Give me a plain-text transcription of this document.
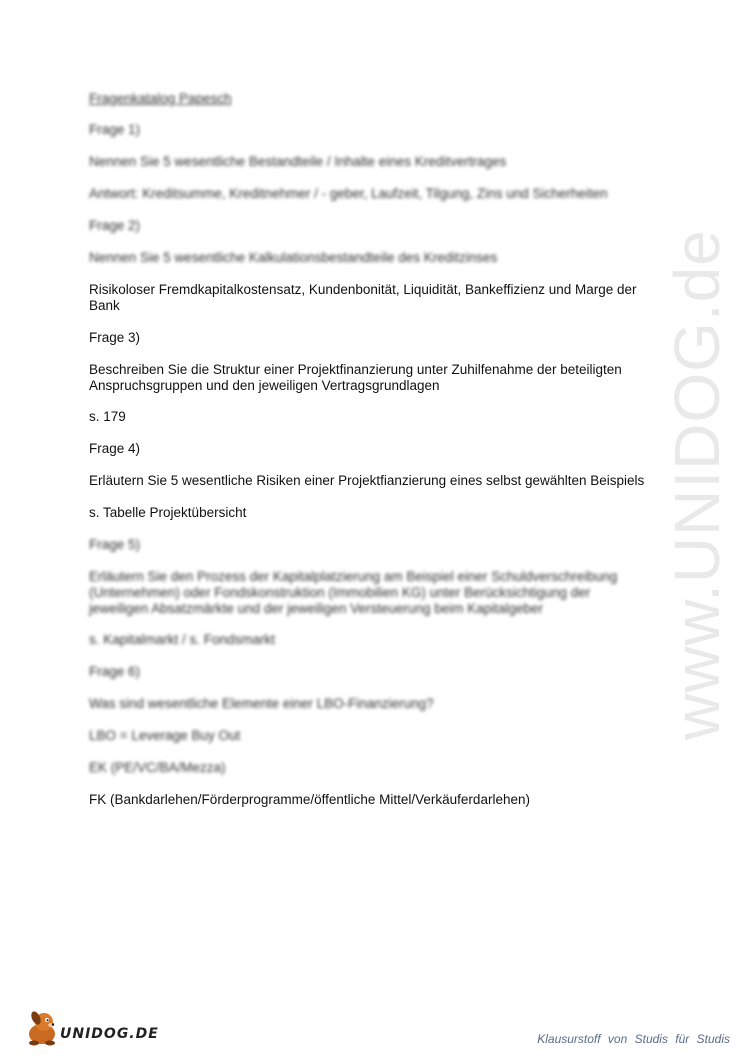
www.UNIDOG.de
Fragenkatalog Papesch
Frage 1)
Nennen Sie 5 wesentliche Bestandteile / Inhalte eines Kreditvertrages
Antwort: Kreditsumme, Kreditnehmer / - geber, Laufzeit, Tilgung, Zins und Sicherheiten
Frage 2)
Nennen Sie 5 wesentliche Kalkulationsbestandteile des Kreditzinses
Risikoloser Fremdkapitalkostensatz, Kundenbonität, Liquidität, Bankeffizienz und Marge der Bank
Frage 3)
Beschreiben Sie die Struktur einer Projektfinanzierung unter Zuhilfenahme der beteiligten Anspruchsgruppen und den jeweiligen Vertragsgrundlagen
s. 179
Frage 4)
Erläutern Sie 5 wesentliche Risiken einer Projektfianzierung eines selbst gewählten Beispiels
s. Tabelle Projektübersicht
Frage 5)
Erläutern Sie den Prozess der Kapitalplatzierung am Beispiel einer Schuldverschreibung (Unternehmen) oder Fondskonstruktion (Immobilien KG) unter Berücksichtigung der jeweiligen Absatzmärkte und der jeweiligen Versteuerung beim Kapitalgeber
s. Kapitalmarkt / s. Fondsmarkt
Frage 6)
Was sind wesentliche Elemente einer LBO-Finanzierung?
LBO = Leverage Buy Out
EK (PE/VC/BA/Mezza)
FK (Bankdarlehen/Förderprogramme/öffentliche Mittel/Verkäuferdarlehen)
UNIDOG.DE	Klausurstoff von Studis für Studis
